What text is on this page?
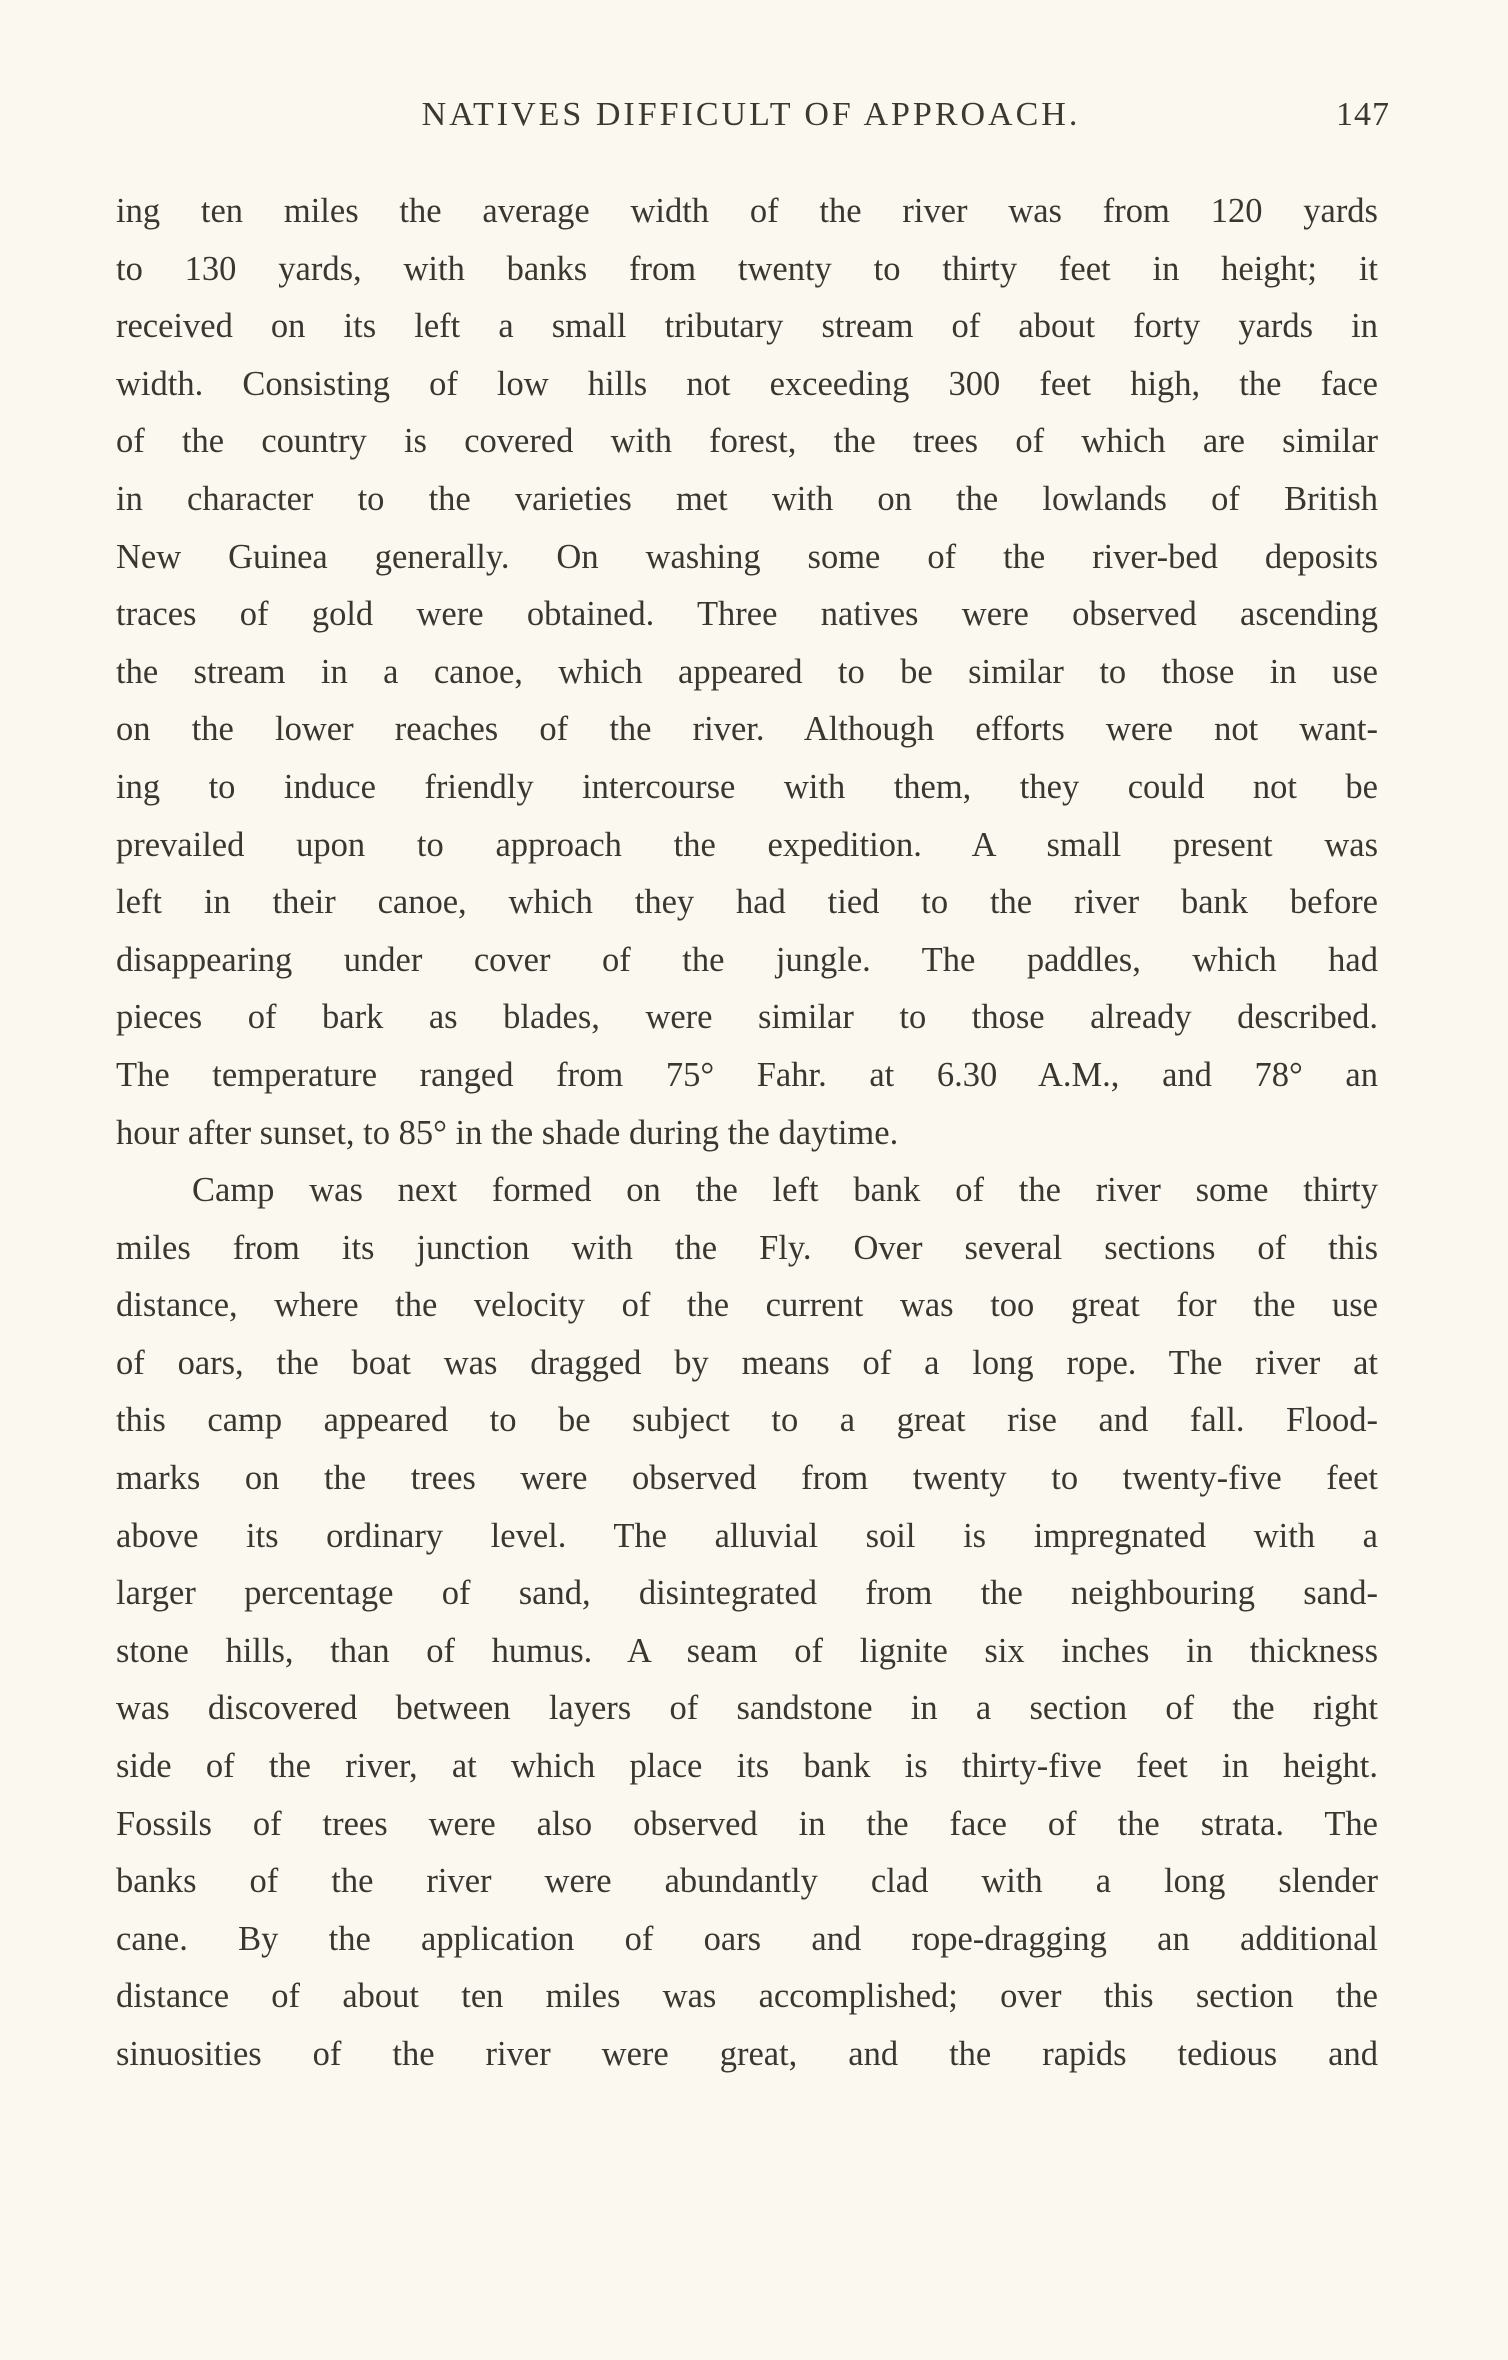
NATIVES DIFFICULT OF APPROACH.	147
ing ten miles the average width of the river was from 120 yards
to 130 yards, with banks from twenty to thirty feet in height; it
received on its left a small tributary stream of about forty yards in
width. Consisting of low hills not exceeding 300 feet high, the face
of the country is covered with forest, the trees of which are similar
in character to the varieties met with on the lowlands of British
New Guinea generally. On washing some of the river-bed deposits
traces of gold were obtained. Three natives were observed ascending
the stream in a canoe, which appeared to be similar to those in use
on the lower reaches of the river. Although efforts were not want-
ing to induce friendly intercourse with them, they could not be
prevailed upon to approach the expedition. A small present was
left in their canoe, which they had tied to the river bank before
disappearing under cover of the jungle. The paddles, which had
pieces of bark as blades, were similar to those already described.
The temperature ranged from 75° Fahr. at 6.30 A.M., and 78° an
hour after sunset, to 85° in the shade during the daytime.
Camp was next formed on the left bank of the river some thirty
miles from its junction with the Fly. Over several sections of this
distance, where the velocity of the current was too great for the use
of oars, the boat was dragged by means of a long rope. The river at
this camp appeared to be subject to a great rise and fall. Flood-
marks on the trees were observed from twenty to twenty-five feet
above its ordinary level. The alluvial soil is impregnated with a
larger percentage of sand, disintegrated from the neighbouring sand-
stone hills, than of humus. A seam of lignite six inches in thickness
was discovered between layers of sandstone in a section of the right
side of the river, at which place its bank is thirty-five feet in height.
Fossils of trees were also observed in the face of the strata. The
banks of the river were abundantly clad with a long slender
cane. By the application of oars and rope-dragging an additional
distance of about ten miles was accomplished; over this section the
sinuosities of the river were great, and the rapids tedious and
